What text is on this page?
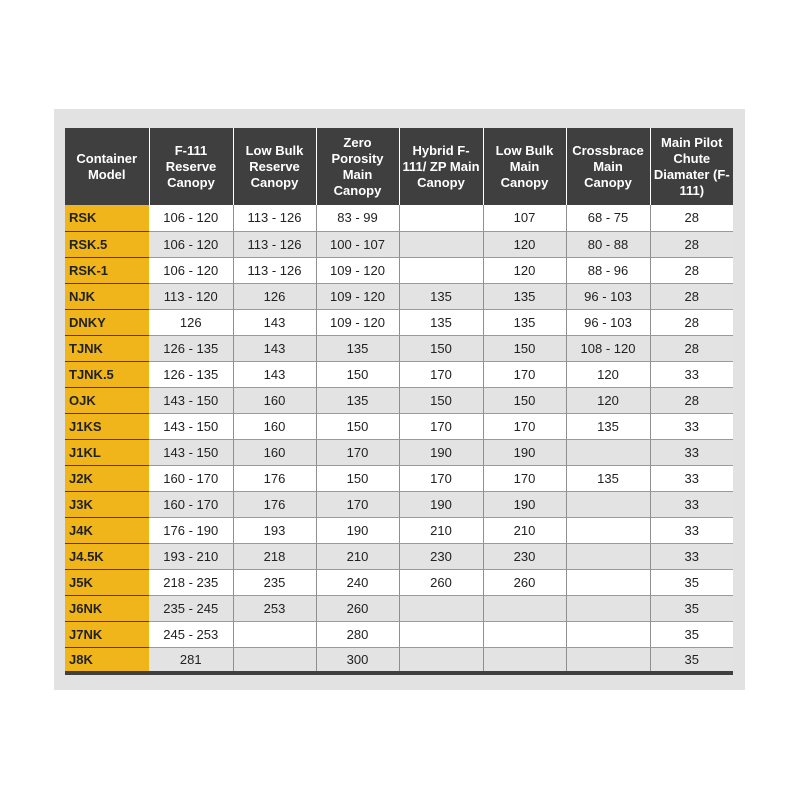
Container Model	F-111 Reserve Canopy	Low Bulk Reserve Canopy	Zero Porosity Main Canopy	Hybrid F-111/ ZP Main Canopy	Low Bulk Main Canopy	Crossbrace Main Canopy	Main Pilot Chute Diamater (F-111)
RSK	106 - 120	113 - 126	83 - 99		107	68 - 75	28
RSK.5	106 - 120	113 - 126	100 - 107		120	80 - 88	28
RSK-1	106 - 120	113 - 126	109 - 120		120	88 - 96	28
NJK	113 - 120	126	109 - 120	135	135	96 - 103	28
DNKY	126	143	109 - 120	135	135	96 - 103	28
TJNK	126 - 135	143	135	150	150	108 - 120	28
TJNK.5	126 - 135	143	150	170	170	120	33
OJK	143 - 150	160	135	150	150	120	28
J1KS	143 - 150	160	150	170	170	135	33
J1KL	143 - 150	160	170	190	190		33
J2K	160 - 170	176	150	170	170	135	33
J3K	160 - 170	176	170	190	190		33
J4K	176 - 190	193	190	210	210		33
J4.5K	193 - 210	218	210	230	230		33
J5K	218 - 235	235	240	260	260		35
J6NK	235 - 245	253	260				35
J7NK	245 - 253		280				35
J8K	281		300				35
